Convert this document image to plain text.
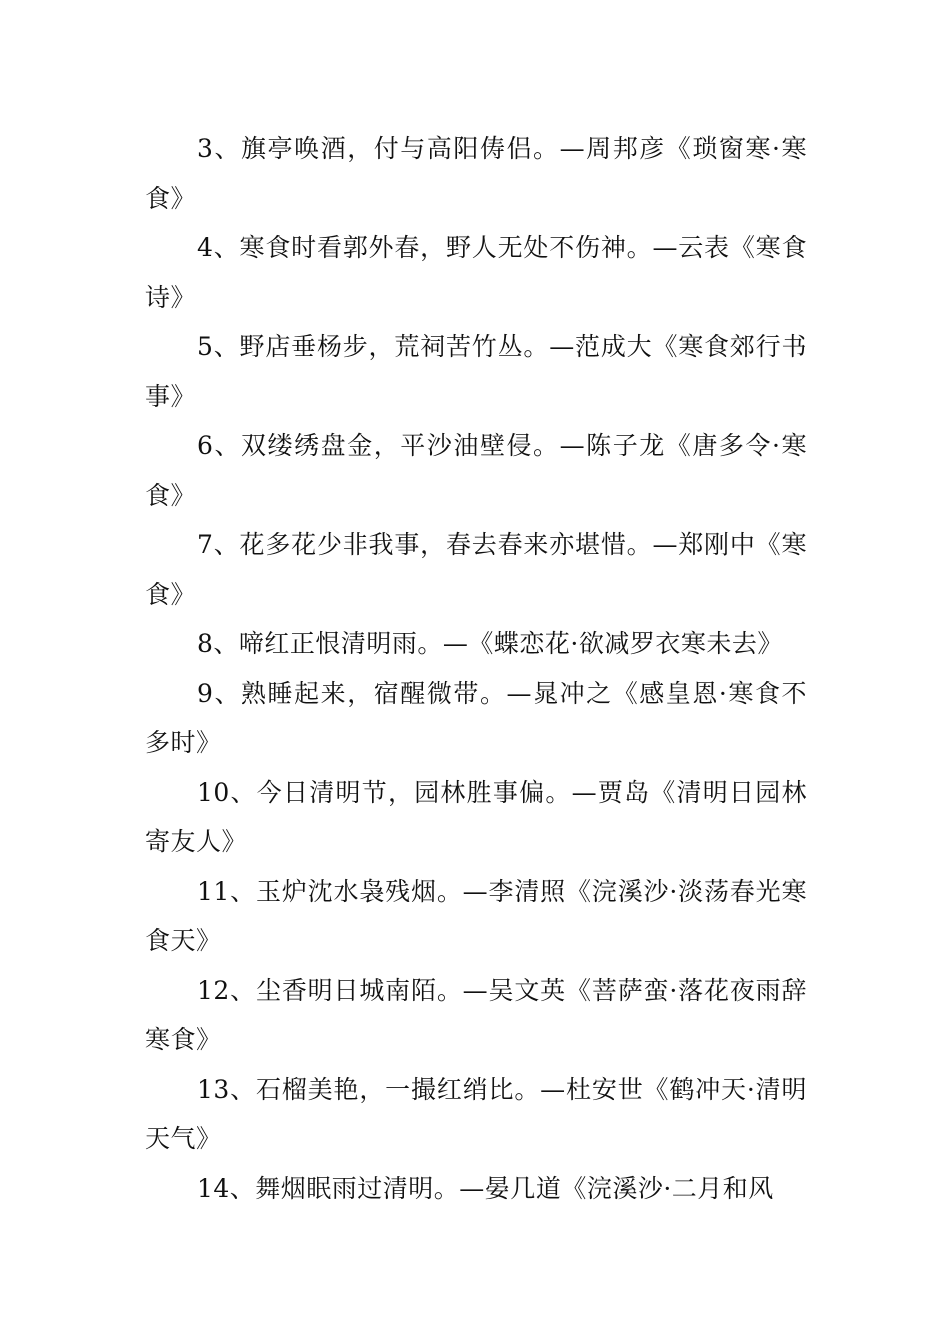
3、旗亭唤酒，付与高阳俦侣。—周邦彦《琐窗寒·寒食》

4、寒食时看郭外春，野人无处不伤神。—云表《寒食诗》

5、野店垂杨步，荒祠苦竹丛。—范成大《寒食郊行书事》

6、双缕绣盘金，平沙油壁侵。—陈子龙《唐多令·寒食》

7、花多花少非我事，春去春来亦堪惜。—郑刚中《寒食》

8、啼红正恨清明雨。—《蝶恋花·欲减罗衣寒未去》

9、熟睡起来，宿醒微带。—晁冲之《感皇恩·寒食不多时》

10、今日清明节，园林胜事偏。—贾岛《清明日园林寄友人》

11、玉炉沈水袅残烟。—李清照《浣溪沙·淡荡春光寒食天》

12、尘香明日城南陌。—吴文英《菩萨蛮·落花夜雨辞寒食》

13、石榴美艳，一撮红绡比。—杜安世《鹤冲天·清明天气》

14、舞烟眠雨过清明。—晏几道《浣溪沙·二月和风
